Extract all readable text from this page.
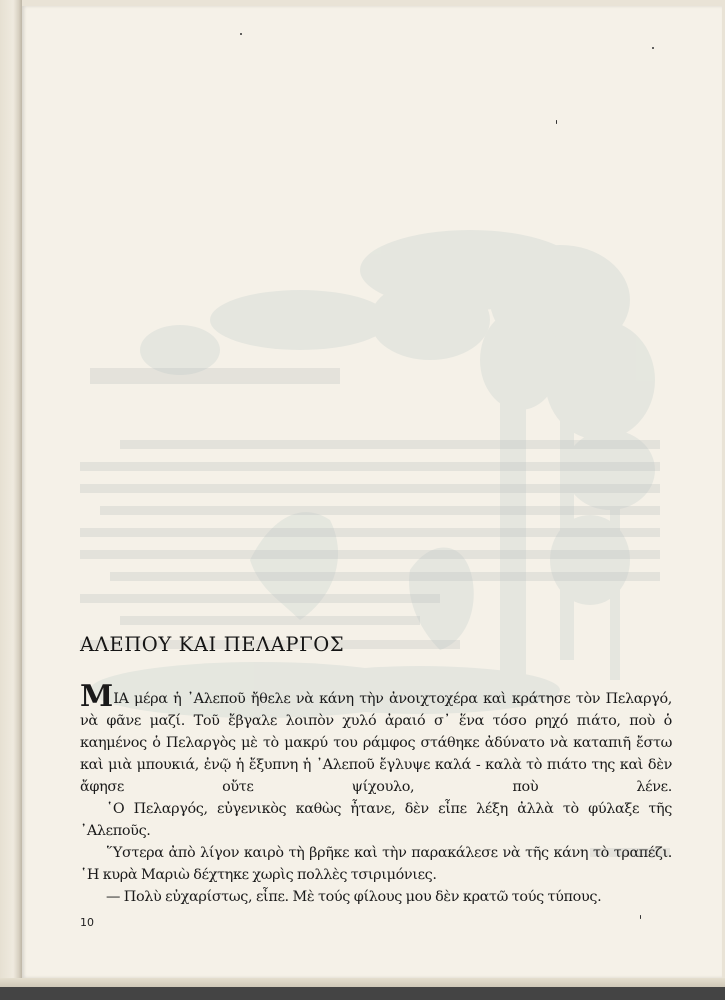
ΑΛΕΠΟΥ ΚΑΙ ΠΕΛΑΡΓΟΣ

ΜΙΑ μέρα ἡ ᾿Αλεποῦ ἤθελε νὰ κάνη τὴν ἀνοιχτοχέρα καὶ κράτησε τὸν Πελαργό, νὰ φᾶνε μαζί. Τοῦ ἔβγαλε λοιπὸν χυλό ἀραιό σ᾿ ἕνα τόσο ρηχό πιάτο, ποὺ ὁ καημένος ὁ Πελαργὸς μὲ τὸ μακρύ του ράμφος στάθηκε ἀδύνατο νὰ καταπιῆ ἔστω καὶ μιὰ μπουκιά, ἐνῷ ἡ ἔξυπνη ἡ ᾿Αλεποῦ ἔγλυψε καλά - καλὰ τὸ πιάτο της καὶ δὲν ἄφησε οὔτε ψίχουλο, ποὺ λένε.

῾Ο Πελαργός, εὐγενικὸς καθὼς ἦτανε, δὲν εἶπε λέξη ἀλλὰ τὸ φύλαξε τῆς ᾿Αλεποῦς.

῞Υστερα ἀπὸ λίγον καιρὸ τὴ βρῆκε καὶ τὴν παρακάλεσε νὰ τῆς κάνη τὸ τραπέζι. ῾Η κυρὰ Μαριὼ δέχτηκε χωρὶς πολλὲς τσιριμόνιες.

— Πολὺ εὐχαρίστως, εἶπε. Μὲ τούς φίλους μου δὲν κρατῶ τούς τύπους.

10
